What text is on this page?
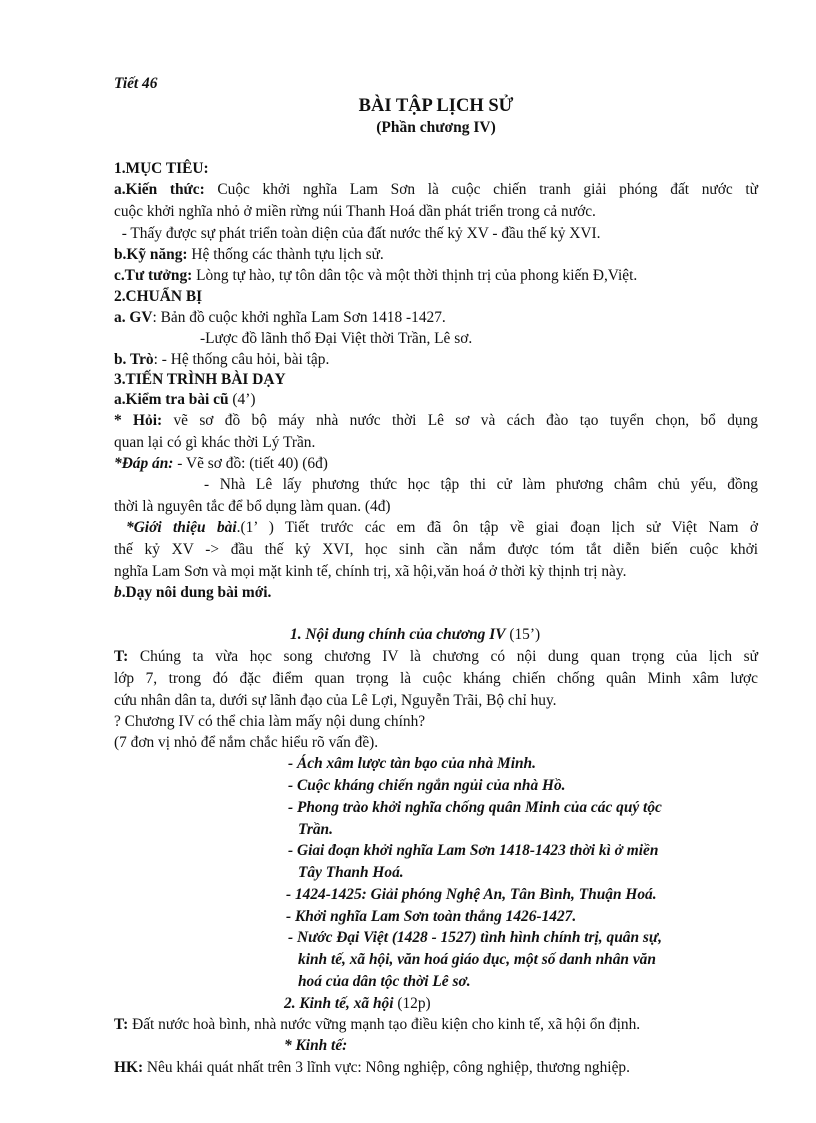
Tiết 46
BÀI TẬP LỊCH SỬ
(Phần chương IV)
1.MỤC TIÊU:
a.Kiến thức: Cuộc khởi nghĩa Lam Sơn là cuộc chiến tranh giải phóng đất nước từ
cuộc khởi nghĩa nhỏ ở miền rừng núi Thanh Hoá dần phát triển trong cả nước.
- Thấy được sự phát triển toàn diện của đất nước thế kỷ XV - đầu thế kỷ XVI.
b.Kỹ năng: Hệ thống các thành tựu lịch sử.
c.Tư tưởng: Lòng tự hào, tự tôn dân tộc và một thời thịnh trị của phong kiến Đ,Việt.
2.CHUẨN BỊ
a. GV: Bản đồ cuộc khởi nghĩa Lam Sơn 1418 -1427.
-Lược đồ lãnh thổ Đại Việt thời Trần, Lê sơ.
b. Trò: - Hệ thống câu hỏi, bài tập.
3.TIẾN TRÌNH BÀI DẠY
a.Kiểm tra bài cũ (4’)
* Hỏi: vẽ sơ đồ bộ máy nhà nước thời Lê sơ và cách đào tạo tuyển chọn, bổ dụng
quan lại có gì khác thời Lý Trần.
*Đáp án: - Vẽ sơ đồ: (tiết 40) (6đ)
- Nhà Lê lấy phương thức học tập thi cử làm phương châm chủ yếu, đồng
thời là nguyên tắc để bổ dụng làm quan. (4đ)
*Giới thiệu bài.(1’ ) Tiết trước các em đã ôn tập về giai đoạn lịch sử Việt Nam ở
thế kỷ XV -> đầu thế kỷ XVI, học sinh cần nắm được tóm tắt diễn biến cuộc khởi
nghĩa Lam Sơn và mọi mặt kinh tế, chính trị, xã hội,văn hoá ở thời kỳ thịnh trị này.
b.Dạy nôi dung bài mới.
1. Nội dung chính của chương IV (15’)
T: Chúng ta vừa học song chương IV là chương có nội dung quan trọng của lịch sử
lớp 7, trong đó đặc điểm quan trọng là cuộc kháng chiến chống quân Minh xâm lược
cứu nhân dân ta, dưới sự lãnh đạo của Lê Lợi, Nguyễn Trãi, Bộ chỉ huy.
? Chương IV có thể chia làm mấy nội dung chính?
(7 đơn vị nhỏ để nắm chắc hiểu rõ vấn đề).
- Ách xâm lược tàn bạo của nhà Minh.
- Cuộc kháng chiến ngắn ngủi của nhà Hồ.
- Phong trào khởi nghĩa chống quân Minh của các quý tộc
Trần.
- Giai đoạn khởi nghĩa Lam Sơn 1418-1423 thời kì ở miền
Tây Thanh Hoá.
- 1424-1425: Giải phóng Nghệ An, Tân Bình, Thuận Hoá.
- Khởi nghĩa Lam Sơn toàn thắng 1426-1427.
- Nước Đại Việt (1428 - 1527) tình hình chính trị, quân sự,
kinh tế, xã hội, văn hoá giáo dục, một số danh nhân văn
hoá của dân tộc thời Lê sơ.
2. Kinh tế, xã hội (12p)
T: Đất nước hoà bình, nhà nước vững mạnh tạo điều kiện cho kinh tế, xã hội ổn định.
* Kinh tế:
HK: Nêu khái quát nhất trên 3 lĩnh vực: Nông nghiệp, công nghiệp, thương nghiệp.
